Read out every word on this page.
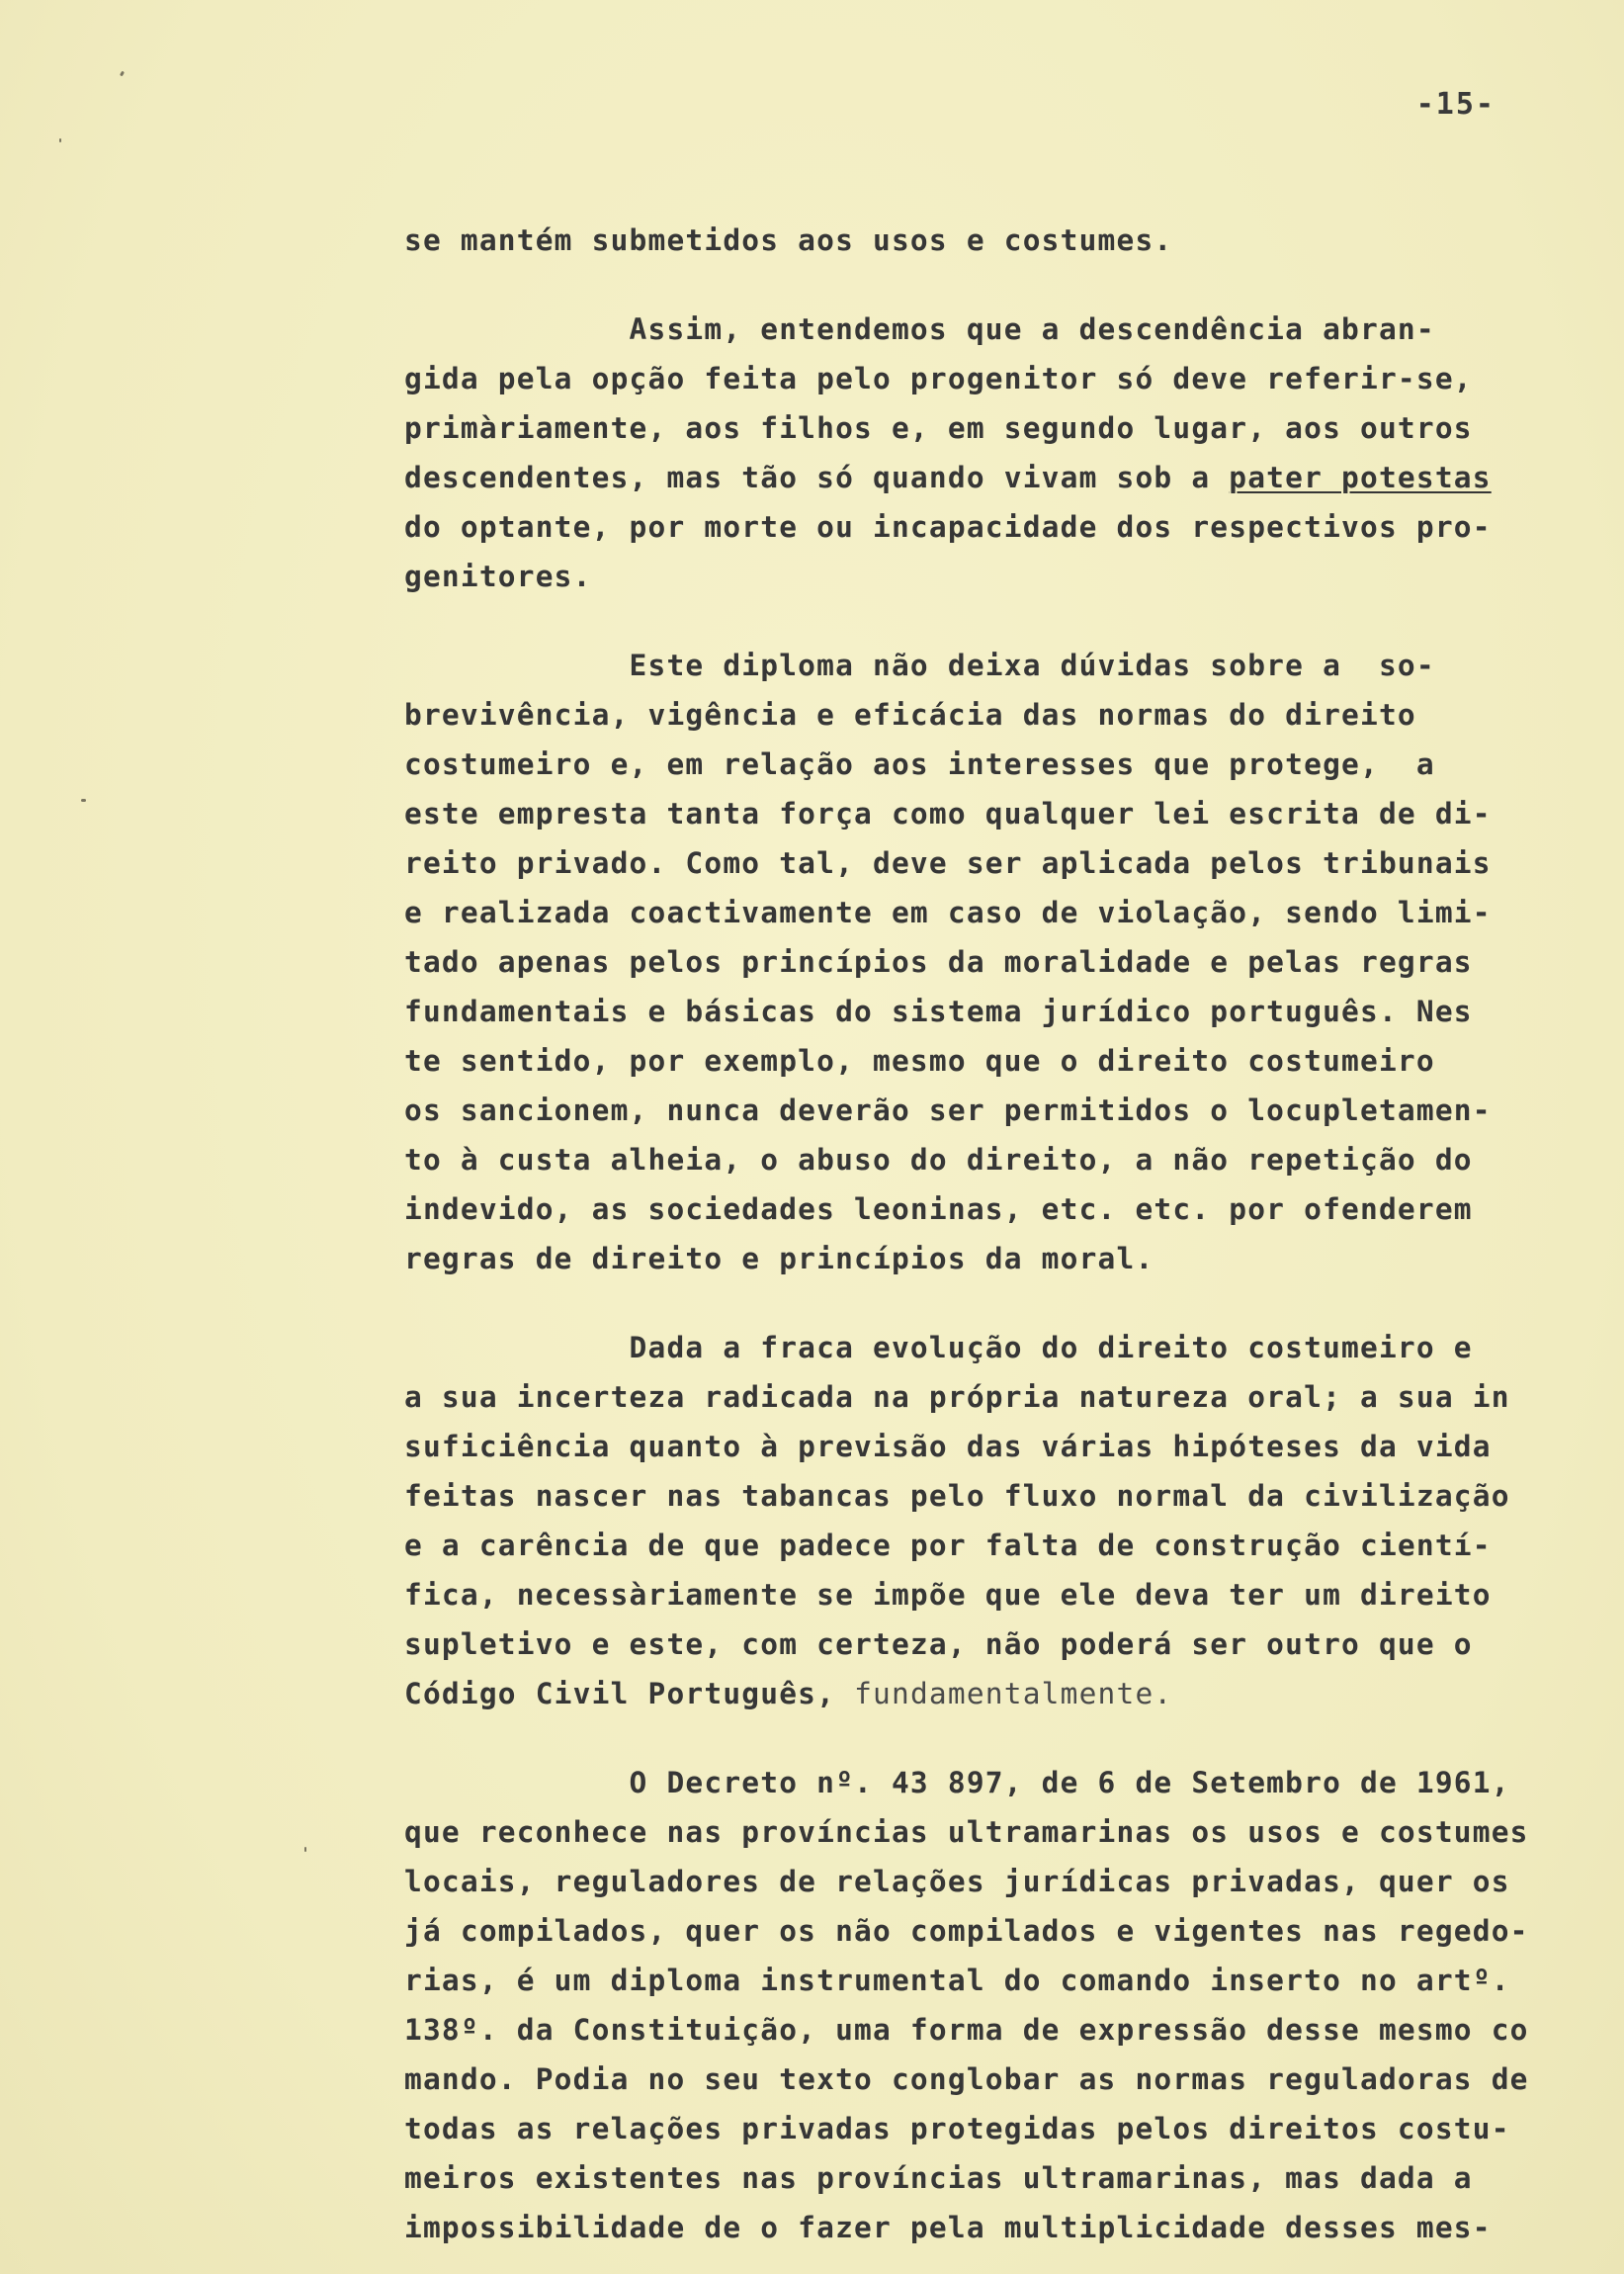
-15-
se mantém submetidos aos usos e costumes.
Assim, entendemos que a descendência abran-
gida pela opção feita pelo progenitor só deve referir-se,
primàriamente, aos filhos e, em segundo lugar, aos outros
descendentes, mas tão só quando vivam sob a pater potestas
do optante, por morte ou incapacidade dos respectivos pro-
genitores.
Este diploma não deixa dúvidas sobre a  so-
brevivência, vigência e eficácia das normas do direito
costumeiro e, em relação aos interesses que protege,  a
este empresta tanta força como qualquer lei escrita de di-
reito privado. Como tal, deve ser aplicada pelos tribunais
e realizada coactivamente em caso de violação, sendo limi-
tado apenas pelos princípios da moralidade e pelas regras
fundamentais e básicas do sistema jurídico português. Nes
te sentido, por exemplo, mesmo que o direito costumeiro
os sancionem, nunca deverão ser permitidos o locupletamen-
to à custa alheia, o abuso do direito, a não repetição do
indevido, as sociedades leoninas, etc. etc. por ofenderem
regras de direito e princípios da moral.
Dada a fraca evolução do direito costumeiro e
a sua incerteza radicada na própria natureza oral; a sua in
suficiência quanto à previsão das várias hipóteses da vida
feitas nascer nas tabancas pelo fluxo normal da civilização
e a carência de que padece por falta de construção cientí-
fica, necessàriamente se impõe que ele deva ter um direito
supletivo e este, com certeza, não poderá ser outro que o
Código Civil Português, fundamentalmente.
O Decreto nº. 43 897, de 6 de Setembro de 1961,
que reconhece nas províncias ultramarinas os usos e costumes
locais, reguladores de relações jurídicas privadas, quer os
já compilados, quer os não compilados e vigentes nas regedo-
rias, é um diploma instrumental do comando inserto no artº.
138º. da Constituição, uma forma de expressão desse mesmo co
mando. Podia no seu texto conglobar as normas reguladoras de
todas as relações privadas protegidas pelos direitos costu-
meiros existentes nas províncias ultramarinas, mas dada a
impossibilidade de o fazer pela multiplicidade desses mes-
